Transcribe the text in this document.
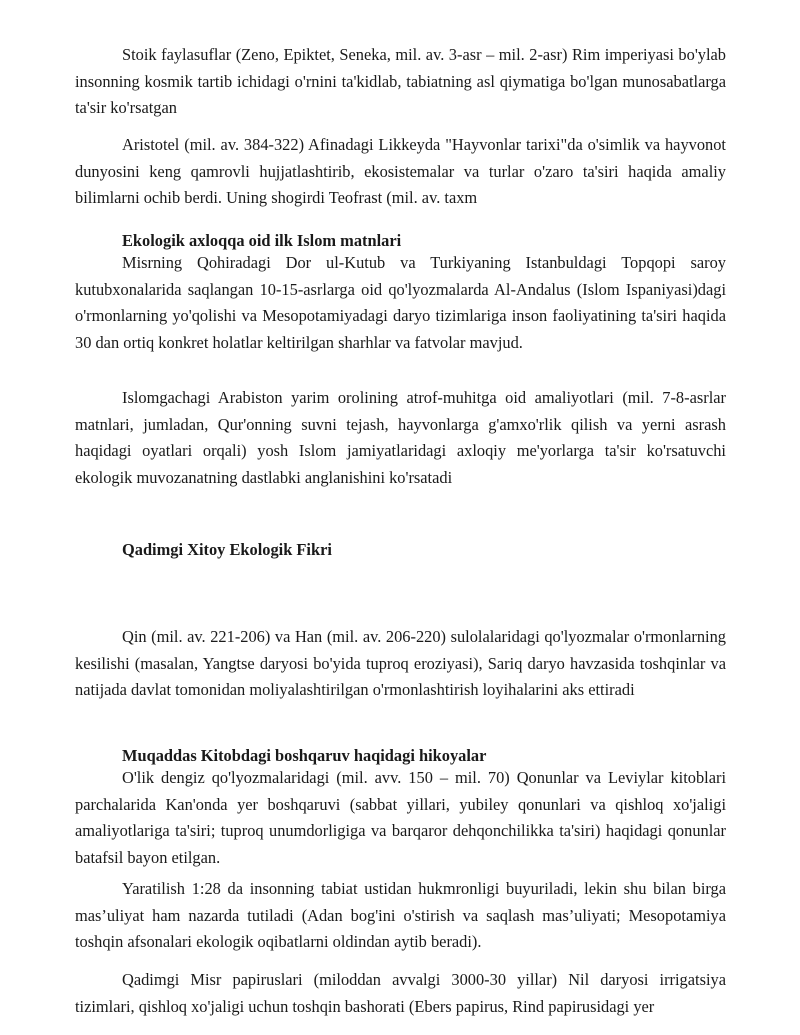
Stoik faylasuflar (Zeno, Epiktet, Seneka, mil. av. 3-asr – mil. 2-asr) Rim imperiyasi bo'ylab insonning kosmik tartib ichidagi o'rnini ta'kidlab, tabiatning asl qiymatiga bo'lgan munosabatlarga ta'sir ko'rsatgan

Aristotel (mil. av. 384-322) Afinadagi Likkeyda "Hayvonlar tarixi"da o'simlik va hayvonot dunyosini keng qamrovli hujjatlashtirib, ekosistemalar va turlar o'zaro ta'siri haqida amaliy bilimlarni ochib berdi. Uning shogirdi Teofrast (mil. av. taxm

Ekologik axloqqa oid ilk Islom matnlari

Misrning Qohiradagi Dor ul-Kutub va Turkiyaning Istanbuldagi Topqopi saroy kutubxonalarida saqlangan 10-15-asrlarga oid qo'lyozmalarda Al-Andalus (Islom Ispaniyasi)dagi o'rmonlarning yo'qolishi va Mesopotamiyadagi daryo tizimlariga inson faoliyatining ta'siri haqida 30 dan ortiq konkret holatlar keltirilgan sharhlar va fatvolar mavjud.

Islomgachagi Arabiston yarim orolining atrof-muhitga oid amaliyotlari (mil. 7-8-asrlar matnlari, jumladan, Qur'onning suvni tejash, hayvonlarga g'amxo'rlik qilish va yerni asrash haqidagi oyatlari orqali) yosh Islom jamiyatlaridagi axloqiy me'yorlarga ta'sir ko'rsatuvchi ekologik muvozanatning dastlabki anglanishini ko'rsatadi

Qadimgi Xitoy Ekologik Fikri

Qin (mil. av. 221-206) va Han (mil. av. 206-220) sulolalaridagi qo'lyozmalar o'rmonlarning kesilishi (masalan, Yangtse daryosi bo'yida tuproq eroziyasi), Sariq daryo havzasida toshqinlar va natijada davlat tomonidan moliyalashtirilgan o'rmonlashtirish loyihalarini aks ettiradi

Muqaddas Kitobdagi boshqaruv haqidagi hikoyalar

O'lik dengiz qo'lyozmalaridagi (mil. avv. 150 – mil. 70) Qonunlar va Leviylar kitoblari parchalarida Kan'onda yer boshqaruvi (sabbat yillari, yubiley qonunlari va qishloq xo'jaligi amaliyotlariga ta'siri; tuproq unumdorligiga va barqaror dehqonchilikka ta'siri) haqidagi qonunlar batafsil bayon etilgan.

Yaratilish 1:28 da insonning tabiat ustidan hukmronligi buyuriladi, lekin shu bilan birga mas’uliyat ham nazarda tutiladi (Adan bog'ini o'stirish va saqlash mas’uliyati; Mesopotamiya toshqin afsonalari ekologik oqibatlarni oldindan aytib beradi).

Qadimgi Misr papiruslari (miloddan avvalgi 3000-30 yillar) Nil daryosi irrigatsiya tizimlari, qishloq xo'jaligi uchun toshqin bashorati (Ebers papirus, Rind papirusidagi yer
